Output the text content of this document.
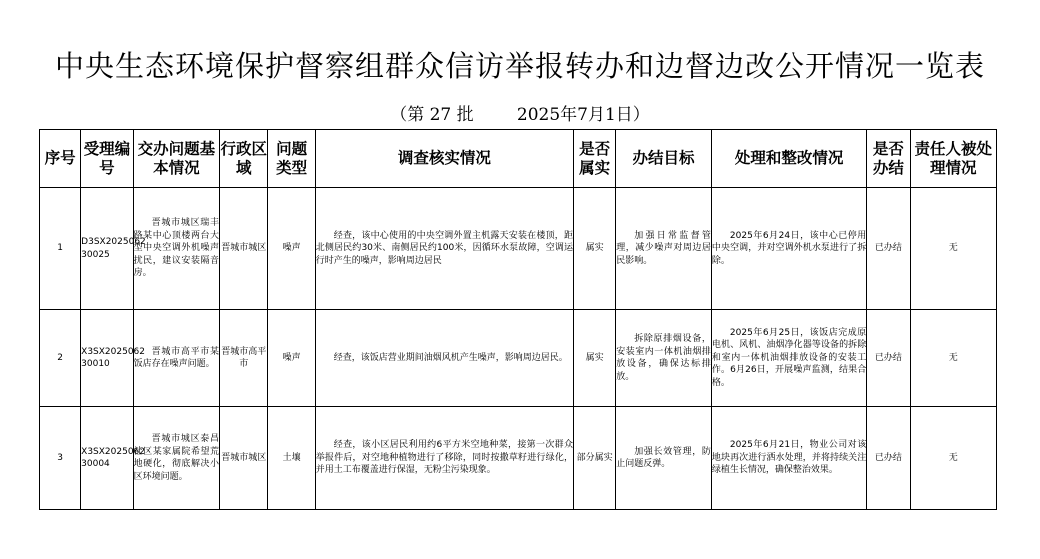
中央生态环境保护督察组群众信访举报转办和边督边改公开情况一览表
（第 27 批        2025年7月1日）
序号	受理编号	交办问题基本情况	行政区域	问题类型	调查核实情况	是否属实	办结目标	处理和整改情况	是否办结	责任人被处理情况
1	D3SX2025062 30025	晋城市城区瑞丰路某中心顶楼两台大型中央空调外机噪声扰民，建议安装隔音房。	晋城市城区	噪声	经查，该中心使用的中央空调外置主机露天安装在楼顶，距北侧居民约30米、南侧居民约100米，因循环水泵故障，空调运行时产生的噪声，影响周边居民	属实	加强日常监督管理，减少噪声对周边居民影响。	2025年6月24日，该中心已停用中央空调，并对空调外机水泵进行了拆除。	已办结	无
2	X3SX2025062 30010	晋城市高平市某饭店存在噪声问题。	晋城市高平市	噪声	经查，该饭店营业期间油烟风机产生噪声，影响周边居民。	属实	拆除原排烟设备，安装室内一体机油烟排放设备，确保达标排放。	2025年6月25日，该饭店完成原电机、风机、油烟净化器等设备的拆除和室内一体机油烟排放设备的安装工作。6月26日，开展噪声监测，结果合格。	已办结	无
3	X3SX2025062 30004	晋城市城区泰昌社区某家属院希望荒地硬化，彻底解决小区环境问题。	晋城市城区	土壤	经查，该小区居民利用约6平方米空地种菜，接第一次群众举报件后，对空地种植物进行了移除，同时按撒草籽进行绿化，并用土工布覆盖进行保湿，无粉尘污染现象。	部分属实	加强长效管理，防止问题反弹。	2025年6月21日，物业公司对该地块再次进行洒水处理，并将持续关注绿植生长情况，确保整治效果。	已办结	无
